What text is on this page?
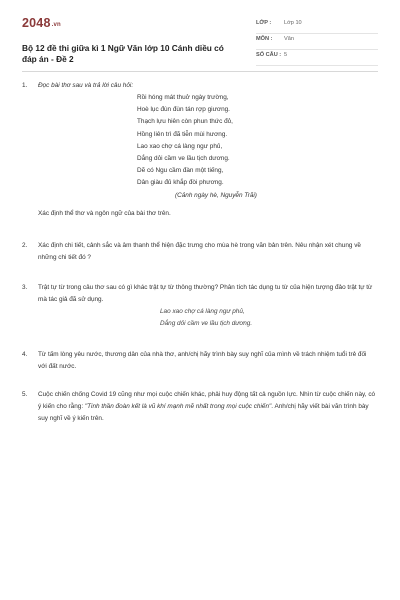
2048.vn
Bộ 12 đề thi giữa kì 1 Ngữ Văn lớp 10 Cánh diều có đáp án - Đề 2
LỚP : Lớp 10
MÔN : Văn
SỐ CÂU : 5
1. Đọc bài thơ sau và trả lời câu hỏi:
Rồi hóng mát thuở ngày trường,
Hoè lục đùn đùn tán rợp giương.
Thạch lựu hiên còn phun thức đỏ,
Hồng liên trì đã tiễn mùi hương.
Lao xao chợ cá làng ngư phủ,
Dắng dỏi cầm ve lầu tịch dương.
Dẽ có Ngu cầm đàn một tiếng,
Dân giàu đủ khắp đòi phương.
(Cảnh ngày hè, Nguyễn Trãi)
Xác định thể thơ và ngôn ngữ của bài thơ trên.
2. Xác định chi tiết, cảnh sắc và âm thanh thể hiện đặc trưng cho mùa hè trong văn bản trên. Nêu nhận xét chung về những chi tiết đó ?
3. Trật tự từ trong câu thơ sau có gì khác trật tự từ thông thường? Phân tích tác dụng tu từ của hiện tượng đảo trật tự từ mà tác giả đã sử dụng.
Lao xao chợ cá làng ngư phủ,
Dắng dỏi cầm ve lầu tịch dương.
4. Từ tấm lòng yêu nước, thương dân của nhà thơ, anh/chị hãy trình bày suy nghĩ của mình về trách nhiệm tuổi trẻ đối với đất nước.
5. Cuộc chiến chống Covid 19 cũng như mọi cuộc chiến khác, phải huy động tất cả nguồn lực. Nhìn từ cuộc chiến này, có ý kiến cho rằng: "Tinh thần đoàn kết là vũ khí mạnh mẽ nhất trong mọi cuộc chiến". Anh/chị hãy viết bài văn trình bày suy nghĩ về ý kiến trên.
